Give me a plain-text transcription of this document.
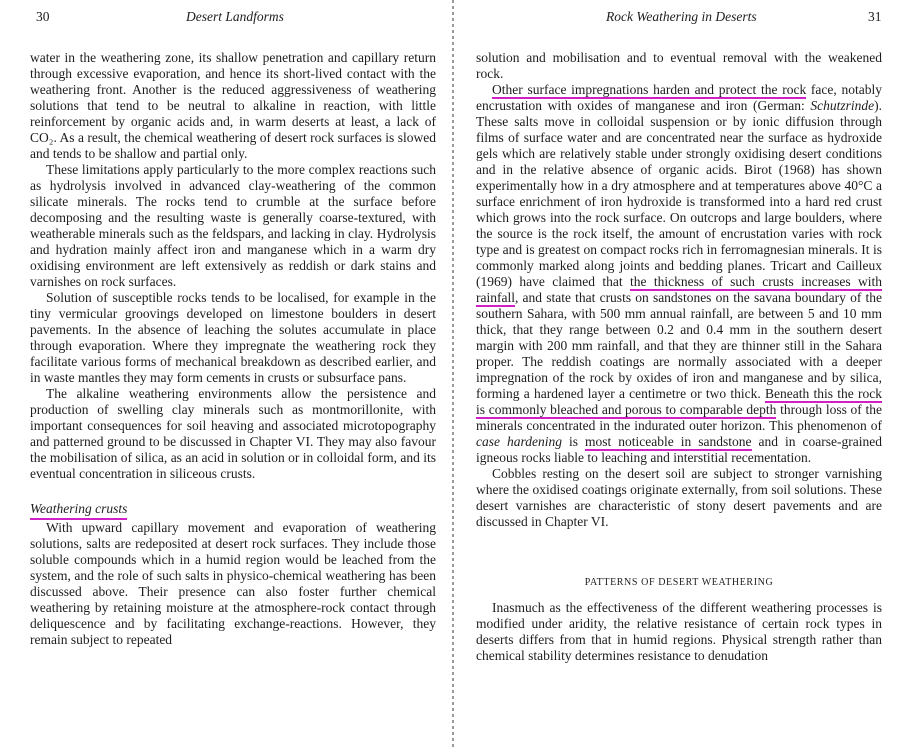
30	Desert Landforms

water in the weathering zone, its shallow penetration and capillary return through excessive evaporation, and hence its short-lived contact with the weathering front. Another is the reduced aggressiveness of weathering solutions that tend to be neutral to alkaline in reaction, with little reinforcement by organic acids and, in warm deserts at least, a lack of CO₂. As a result, the chemical weathering of desert rock surfaces is slowed and tends to be shallow and partial only.

These limitations apply particularly to the more complex reactions such as hydrolysis involved in advanced clay-weathering of the common silicate minerals. The rocks tend to crumble at the surface before decomposing and the resulting waste is generally coarse-textured, with weatherable minerals such as the feldspars, and lacking in clay. Hydrolysis and hydration mainly affect iron and manganese which in a warm dry oxidising environment are left extensively as reddish or dark stains and varnishes on rock surfaces.

Solution of susceptible rocks tends to be localised, for example in the tiny vermicular groovings developed on limestone boulders in desert pavements. In the absence of leaching the solutes accumulate in place through evaporation. Where they impregnate the weathering rock they facilitate various forms of mechanical breakdown as described earlier, and in waste mantles they may form cements in crusts or subsurface pans.

The alkaline weathering environments allow the persistence and production of swelling clay minerals such as montmorillonite, with important consequences for soil heaving and associated microtopography and patterned ground to be discussed in Chapter VI. They may also favour the mobilisation of silica, as an acid in solution or in colloidal form, and its eventual concentration in siliceous crusts.

Weathering crusts

With upward capillary movement and evaporation of weathering solutions, salts are redeposited at desert rock surfaces. They include those soluble compounds which in a humid region would be leached from the system, and the role of such salts in physico-chemical weathering has been discussed above. Their presence can also foster further chemical weathering by retaining moisture at the atmosphere-rock contact through deliquescence and by facilitating exchange-reactions. However, they remain subject to repeated

Rock Weathering in Deserts	31

solution and mobilisation and to eventual removal with the weakened rock.

Other surface impregnations harden and protect the rock face, notably encrustation with oxides of manganese and iron (German: Schutzrinde). These salts move in colloidal suspension or by ionic diffusion through films of surface water and are concentrated near the surface as hydroxide gels which are relatively stable under strongly oxidising desert conditions and in the relative absence of organic acids. Birot (1968) has shown experimentally how in a dry atmosphere and at temperatures above 40°C a surface enrichment of iron hydroxide is transformed into a hard red crust which grows into the rock surface. On outcrops and large boulders, where the source is the rock itself, the amount of encrustation varies with rock type and is greatest on compact rocks rich in ferromagnesian minerals. It is commonly marked along joints and bedding planes. Tricart and Cailleux (1969) have claimed that the thickness of such crusts increases with rainfall, and state that crusts on sandstones on the savana boundary of the southern Sahara, with 500 mm annual rainfall, are between 5 and 10 mm thick, that they range between 0.2 and 0.4 mm in the southern desert margin with 200 mm rainfall, and that they are thinner still in the Sahara proper. The reddish coatings are normally associated with a deeper impregnation of the rock by oxides of iron and manganese and by silica, forming a hardened layer a centimetre or two thick. Beneath this the rock is commonly bleached and porous to comparable depth through loss of the minerals concentrated in the indurated outer horizon. This phenomenon of case hardening is most noticeable in sandstone and in coarse-grained igneous rocks liable to leaching and interstitial recementation.

Cobbles resting on the desert soil are subject to stronger varnishing where the oxidised coatings originate externally, from soil solutions. These desert varnishes are characteristic of stony desert pavements and are discussed in Chapter VI.

PATTERNS OF DESERT WEATHERING

Inasmuch as the effectiveness of the different weathering processes is modified under aridity, the relative resistance of certain rock types in deserts differs from that in humid regions. Physical strength rather than chemical stability determines resistance to denudation
